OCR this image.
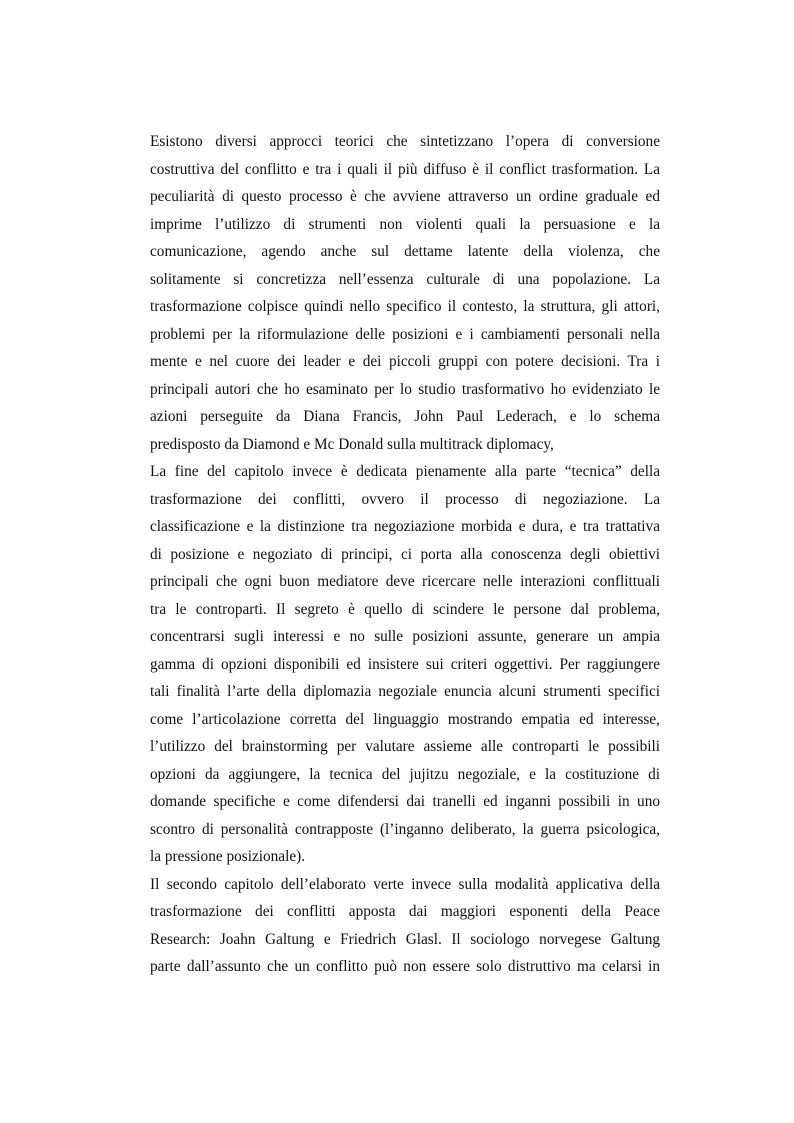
Esistono diversi approcci teorici che sintetizzano l’opera di conversione
costruttiva del conflitto e tra i quali il più diffuso è il conflict trasformation. La
peculiarità di questo processo è che avviene attraverso un ordine graduale ed
imprime l’utilizzo di strumenti non violenti quali la persuasione e la
comunicazione, agendo anche sul dettame latente della violenza, che
solitamente si concretizza nell’essenza culturale di una popolazione. La
trasformazione colpisce quindi nello specifico il contesto, la struttura, gli attori,
problemi per la riformulazione delle posizioni e i cambiamenti personali nella
mente e nel cuore dei leader e dei piccoli gruppi con potere decisioni. Tra i
principali autori che ho esaminato per lo studio trasformativo ho evidenziato le
azioni perseguite da Diana Francis, John Paul Lederach, e lo schema
predisposto da Diamond e Mc Donald sulla multitrack diplomacy,
La fine del capitolo invece è dedicata pienamente alla parte “tecnica” della
trasformazione dei conflitti, ovvero il processo di negoziazione. La
classificazione e la distinzione tra negoziazione morbida e dura, e tra trattativa
di posizione e negoziato di principi, ci porta alla conoscenza degli obiettivi
principali che ogni buon mediatore deve ricercare nelle interazioni conflittuali
tra le controparti. Il segreto è quello di scindere le persone dal problema,
concentrarsi sugli interessi e no sulle posizioni assunte, generare un ampia
gamma di opzioni disponibili ed insistere sui criteri oggettivi. Per raggiungere
tali finalità l’arte della diplomazia negoziale enuncia alcuni strumenti specifici
come l’articolazione corretta del linguaggio mostrando empatia ed interesse,
l’utilizzo del brainstorming per valutare assieme alle controparti le possibili
opzioni da aggiungere, la tecnica del jujitzu negoziale, e la costituzione di
domande specifiche e come difendersi dai tranelli ed inganni possibili in uno
scontro di personalità contrapposte (l’inganno deliberato, la guerra psicologica,
la pressione posizionale).
Il secondo capitolo dell’elaborato verte invece sulla modalità applicativa della
trasformazione dei conflitti apposta dai maggiori esponenti della Peace
Research: Joahn Galtung e Friedrich Glasl. Il sociologo norvegese Galtung
parte dall’assunto che un conflitto può non essere solo distruttivo ma celarsi in
